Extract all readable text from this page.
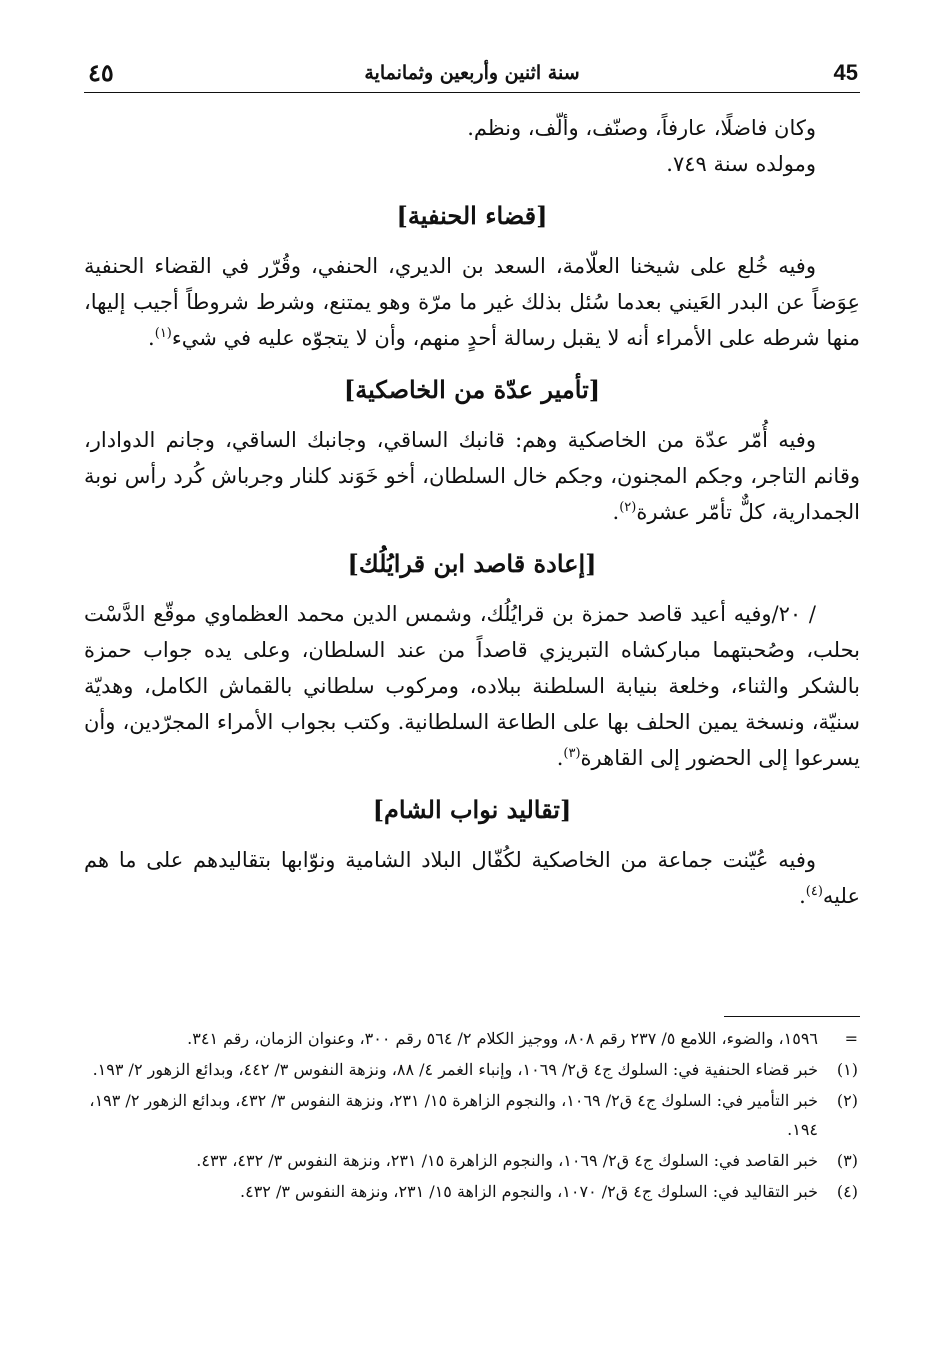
45
سنة اثنين وأربعين وثمانماية
٤٥

وكان فاضلًا، عارفاً، وصنّف، وألّف، ونظم.

ومولده سنة ٧٤٩.

[قضاء الحنفية]

وفيه خُلع على شيخنا العلّامة، السعد بن الديري، الحنفي، وقُرّر في القضاء الحنفية عِوَضاً عن البدر العَيني بعدما سُئل بذلك غير ما مرّة وهو يمتنع، وشرط شروطاً أجيب إليها، منها شرطه على الأمراء أنه لا يقبل رسالة أحدٍ منهم، وأن لا يتجوّه عليه في شيء$^{(١)}$.

[تأمير عدّة من الخاصكية]

وفيه أُمّر عدّة من الخاصكية وهم: قانبك الساقي، وجانبك الساقي، وجانم الدوادار، وقانم التاجر، وجكم المجنون، وجكم خال السلطان، أخو خَوَند كلنار وجرباش كُرد رأس نوبة الجمدارية، كلٌّ تأمّر عشرة$^{(٢)}$.

[إعادة قاصد ابن قرايُلُك]

/ ٢٠/وفيه أعيد قاصد حمزة بن قرايُلُك، وشمس الدين محمد العظماوي موقّع الدَّسْت بحلب، وصُحبتهما مباركشاه التبريزي قاصداً من عند السلطان، وعلى يده جواب حمزة بالشكر والثناء، وخلعة بنيابة السلطنة ببلاده، ومركوب سلطاني بالقماش الكامل، وهديّة سنيّة، ونسخة يمين الحلف بها على الطاعة السلطانية. وكتب بجواب الأمراء المجرّدين، وأن يسرعوا إلى الحضور إلى القاهرة$^{(٣)}$.

[تقاليد نواب الشام]

وفيه عُيّنت جماعة من الخاصكية لكُفّال البلاد الشامية ونوّابها بتقاليدهم على ما هم عليه$^{(٤)}$.

=
١٥٩٦، والضوء، اللامع ٥/ ٢٣٧ رقم ٨٠٨، ووجيز الكلام ٢/ ٥٦٤ رقم ٣٠٠، وعنوان الزمان، رقم ٣٤١.
(١)
خبر قضاء الحنفية في: السلوك ج٤ ق٢/ ١٠٦٩، وإنباء الغمر ٤/ ٨٨، ونزهة النفوس ٣/ ٤٤٢، وبدائع الزهور ٢/ ١٩٣.
(٢)
خبر التأمير في: السلوك ج٤ ق٢/ ١٠٦٩، والنجوم الزاهرة ١٥/ ٢٣١، ونزهة النفوس ٣/ ٤٣٢، وبدائع الزهور ٢/ ١٩٣، ١٩٤.
(٣)
خبر القاصد في: السلوك ج٤ ق٢/ ١٠٦٩، والنجوم الزاهرة ١٥/ ٢٣١، ونزهة النفوس ٣/ ٤٣٢، ٤٣٣.
(٤)
خبر التقاليد في: السلوك ج٤ ق٢/ ١٠٧٠، والنجوم الزاهة ١٥/ ٢٣١، ونزهة النفوس ٣/ ٤٣٢.
